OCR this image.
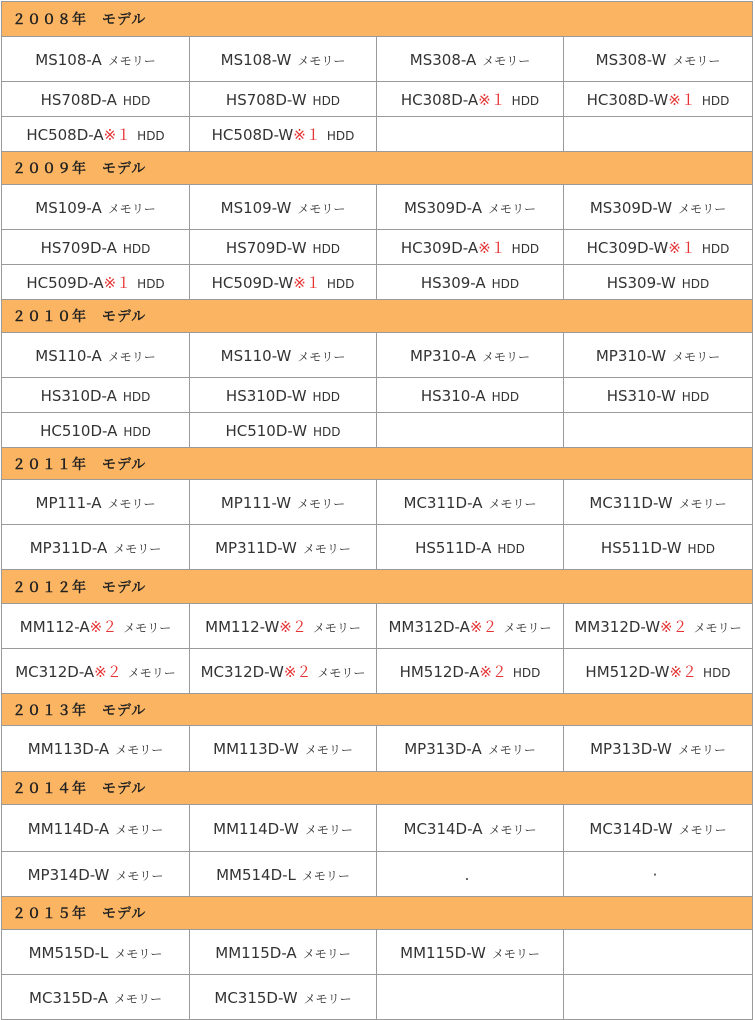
２００８年　モデル			
MS108-A メモリー	MS108-W メモリー	MS308-A メモリー	MS308-W メモリー
HS708D-A HDD	HS708D-W HDD	HC308D-A※１ HDD	HC308D-W※１ HDD
HC508D-A※１ HDD	HC508D-W※１ HDD		
２００９年　モデル			
MS109-A メモリー	MS109-W メモリー	MS309D-A メモリー	MS309D-W メモリー
HS709D-A HDD	HS709D-W HDD	HC309D-A※１ HDD	HC309D-W※１ HDD
HC509D-A※１ HDD	HC509D-W※１ HDD	HS309-A HDD	HS309-W HDD
２０１０年　モデル			
MS110-A メモリー	MS110-W メモリー	MP310-A メモリー	MP310-W メモリー
HS310D-A HDD	HS310D-W HDD	HS310-A HDD	HS310-W HDD
HC510D-A HDD	HC510D-W HDD		
２０１１年　モデル			
MP111-A メモリー	MP111-W メモリー	MC311D-A メモリー	MC311D-W メモリー
MP311D-A メモリー	MP311D-W メモリー	HS511D-A HDD	HS511D-W HDD
２０１２年　モデル			
MM112-A※２ メモリー	MM112-W※２ メモリー	MM312D-A※２ メモリー	MM312D-W※２ メモリー
MC312D-A※２ メモリー	MC312D-W※２ メモリー	HM512D-A※２ HDD	HM512D-W※２ HDD
２０１３年　モデル			
MM113D-A メモリー	MM113D-W メモリー	MP313D-A メモリー	MP313D-W メモリー
２０１４年　モデル			
MM114D-A メモリー	MM114D-W メモリー	MC314D-A メモリー	MC314D-W メモリー
MP314D-W メモリー	MM514D-L メモリー	.	·
２０１５年　モデル			
MM515D-L メモリー	MM115D-A メモリー	MM115D-W メモリー	
MC315D-A メモリー	MC315D-W メモリー		
